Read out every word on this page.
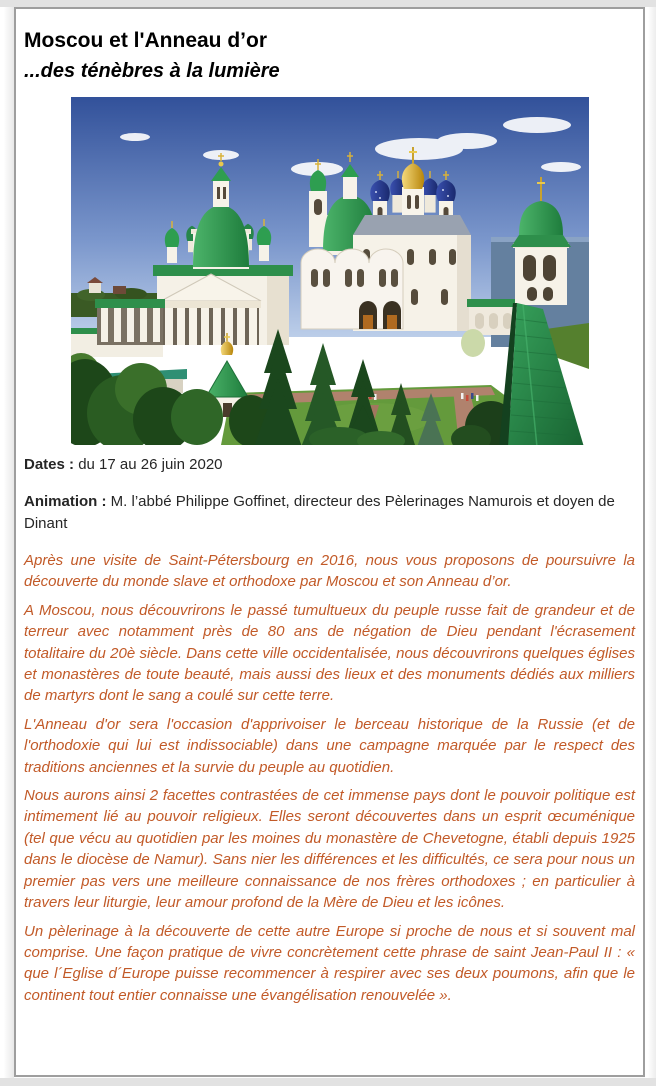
Moscou et l'Anneau d’or
...des ténèbres à la lumière

Dates : du 17 au 26 juin 2020

Animation : M. l’abbé Philippe Goffinet, directeur des Pèlerinages Namurois et doyen de Dinant

Après une visite de Saint-Pétersbourg en 2016, nous vous proposons de poursuivre la découverte du monde slave et orthodoxe par Moscou et son Anneau d’or.

A Moscou, nous découvrirons le passé tumultueux du peuple russe fait de grandeur et de terreur avec notamment près de 80 ans de négation de Dieu pendant l'écrasement totalitaire du 20è siècle. Dans cette ville occidentalisée, nous découvrirons quelques églises et monastères de toute beauté, mais aussi des lieux et des monuments dédiés aux milliers de martyrs dont le sang a coulé sur cette terre.

L'Anneau d'or sera l'occasion d'apprivoiser le berceau historique de la Russie (et de l'orthodoxie qui lui est indissociable) dans une campagne marquée par le respect des traditions anciennes et la survie du peuple au quotidien.

Nous aurons ainsi 2 facettes contrastées de cet immense pays dont le pouvoir politique est intimement lié au pouvoir religieux. Elles seront découvertes dans un esprit œcuménique (tel que vécu au quotidien par les moines du monastère de Chevetogne, établi depuis 1925 dans le diocèse de Namur). Sans nier les différences et les difficultés, ce sera pour nous un premier pas vers une meilleure connaissance de nos frères orthodoxes ; en particulier à travers leur liturgie, leur amour profond de la Mère de Dieu et les icônes.

Un pèlerinage à la découverte de cette autre Europe si proche de nous et si souvent mal comprise. Une façon pratique de vivre concrètement cette phrase de saint Jean-Paul II : « que l´Eglise d´Europe puisse recommencer à respirer avec ses deux poumons, afin que le continent tout entier connaisse une évangélisation renouvelée ».
